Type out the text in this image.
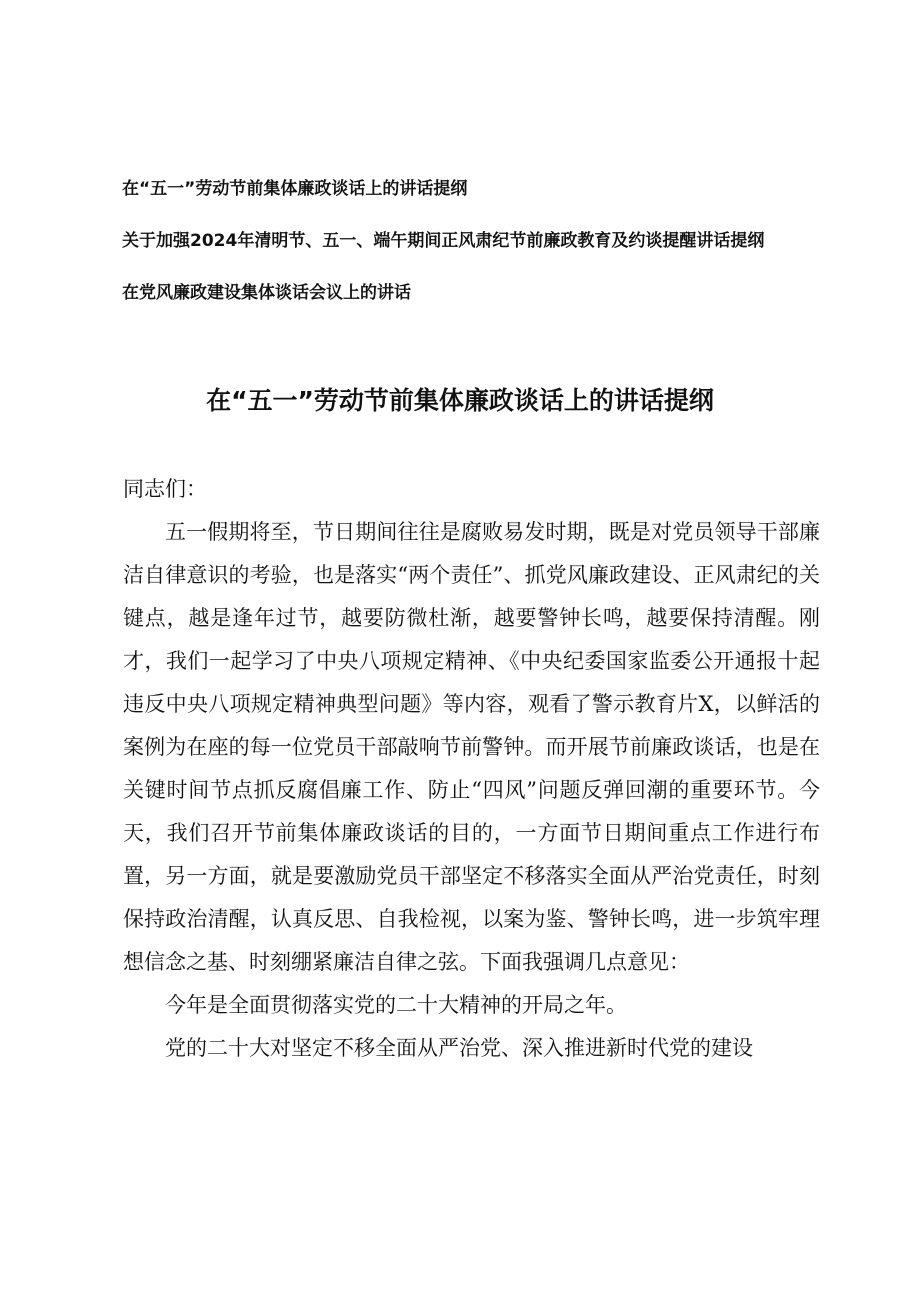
在“五一”劳动节前集体廉政谈话上的讲话提纲

关于加强2024年清明节、五一、端午期间正风肃纪节前廉政教育及约谈提醒讲话提纲

在党风廉政建设集体谈话会议上的讲话

在“五一”劳动节前集体廉政谈话上的讲话提纲

同志们：

五一假期将至，节日期间往往是腐败易发时期，既是对党员领导干部廉洁自律意识的考验，也是落实“两个责任”、抓党风廉政建设、正风肃纪的关键点，越是逢年过节，越要防微杜渐，越要警钟长鸣，越要保持清醒。刚才，我们一起学习了中央八项规定精神、《中央纪委国家监委公开通报十起违反中央八项规定精神典型问题》等内容，观看了警示教育片X，以鲜活的案例为在座的每一位党员干部敲响节前警钟。而开展节前廉政谈话，也是在关键时间节点抓反腐倡廉工作、防止“四风”问题反弹回潮的重要环节。今天，我们召开节前集体廉政谈话的目的，一方面节日期间重点工作进行布置，另一方面，就是要激励党员干部坚定不移落实全面从严治党责任，时刻保持政治清醒，认真反思、自我检视，以案为鉴、警钟长鸣，进一步筑牢理想信念之基、时刻绷紧廉洁自律之弦。下面我强调几点意见：

今年是全面贯彻落实党的二十大精神的开局之年。

党的二十大对坚定不移全面从严治党、深入推进新时代党的建设
